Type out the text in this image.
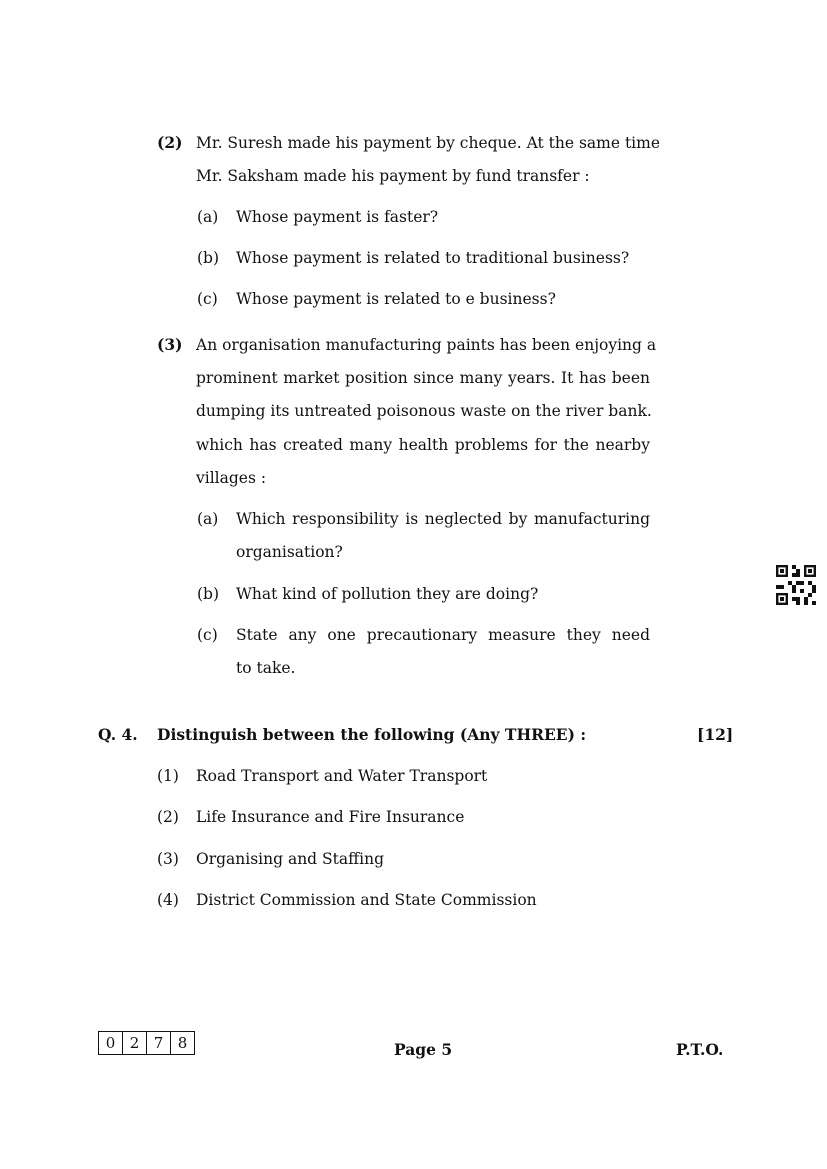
(2) Mr. Suresh made his payment by cheque. At the same time
Mr. Saksham made his payment by fund transfer :
(a) Whose payment is faster?
(b) Whose payment is related to traditional business?
(c) Whose payment is related to e business?
(3) An organisation manufacturing paints has been enjoying a
prominent market position since many years. It has been
dumping its untreated poisonous waste on the river bank.
which has created many health problems for the nearby
villages :
(a) Which responsibility is neglected by manufacturing
organisation?
(b) What kind of pollution they are doing?
(c) State any one precautionary measure they need
to take.
Q. 4. Distinguish between the following (Any THREE) :	[12]
(1) Road Transport and Water Transport
(2) Life Insurance and Fire Insurance
(3) Organising and Staffing
(4) District Commission and State Commission
0 2 7 8	Page 5	P.T.O.
